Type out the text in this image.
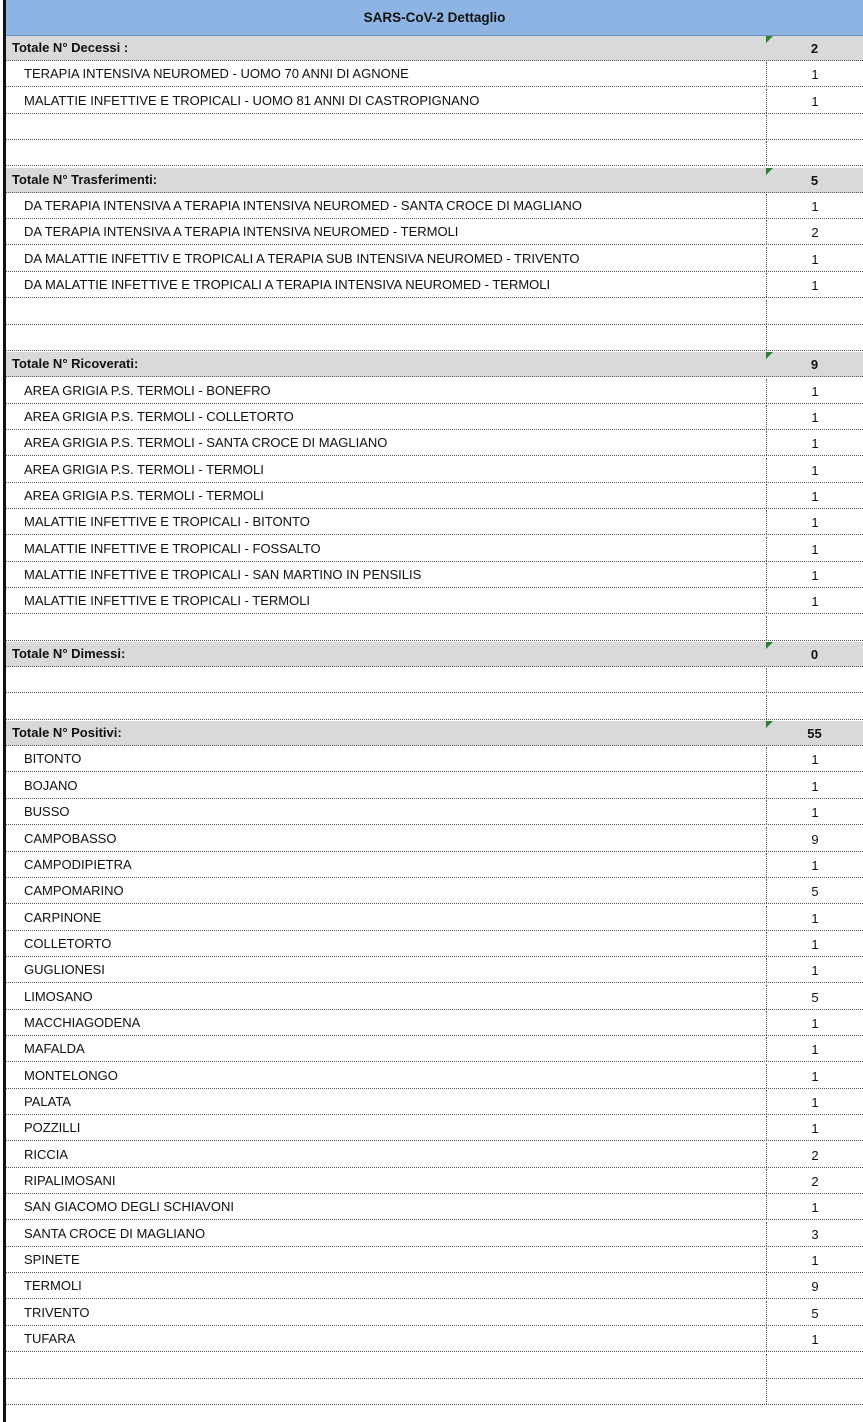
SARS-CoV-2 Dettaglio
Totale N° Decessi :	2
TERAPIA INTENSIVA NEUROMED - UOMO 70 ANNI DI AGNONE	1
MALATTIE INFETTIVE E TROPICALI - UOMO 81 ANNI DI CASTROPIGNANO	1
Totale N° Trasferimenti:	5
DA TERAPIA INTENSIVA A TERAPIA INTENSIVA NEUROMED - SANTA CROCE DI MAGLIANO	1
DA TERAPIA INTENSIVA A TERAPIA INTENSIVA NEUROMED - TERMOLI	2
DA MALATTIE INFETTIV E TROPICALI A TERAPIA SUB INTENSIVA NEUROMED - TRIVENTO	1
DA MALATTIE INFETTIVE E TROPICALI A TERAPIA INTENSIVA NEUROMED - TERMOLI	1
Totale N° Ricoverati:	9
AREA GRIGIA P.S. TERMOLI - BONEFRO	1
AREA GRIGIA P.S. TERMOLI - COLLETORTO	1
AREA GRIGIA P.S. TERMOLI - SANTA CROCE DI MAGLIANO	1
AREA GRIGIA P.S. TERMOLI - TERMOLI	1
AREA GRIGIA P.S. TERMOLI - TERMOLI	1
MALATTIE INFETTIVE E TROPICALI - BITONTO	1
MALATTIE INFETTIVE E TROPICALI - FOSSALTO	1
MALATTIE INFETTIVE E TROPICALI - SAN MARTINO IN PENSILIS	1
MALATTIE INFETTIVE E TROPICALI - TERMOLI	1
Totale N° Dimessi:	0
Totale N° Positivi:	55
BITONTO	1
BOJANO	1
BUSSO	1
CAMPOBASSO	9
CAMPODIPIETRA	1
CAMPOMARINO	5
CARPINONE	1
COLLETORTO	1
GUGLIONESI	1
LIMOSANO	5
MACCHIAGODENA	1
MAFALDA	1
MONTELONGO	1
PALATA	1
POZZILLI	1
RICCIA	2
RIPALIMOSANI	2
SAN GIACOMO DEGLI SCHIAVONI	1
SANTA CROCE DI MAGLIANO	3
SPINETE	1
TERMOLI	9
TRIVENTO	5
TUFARA	1
